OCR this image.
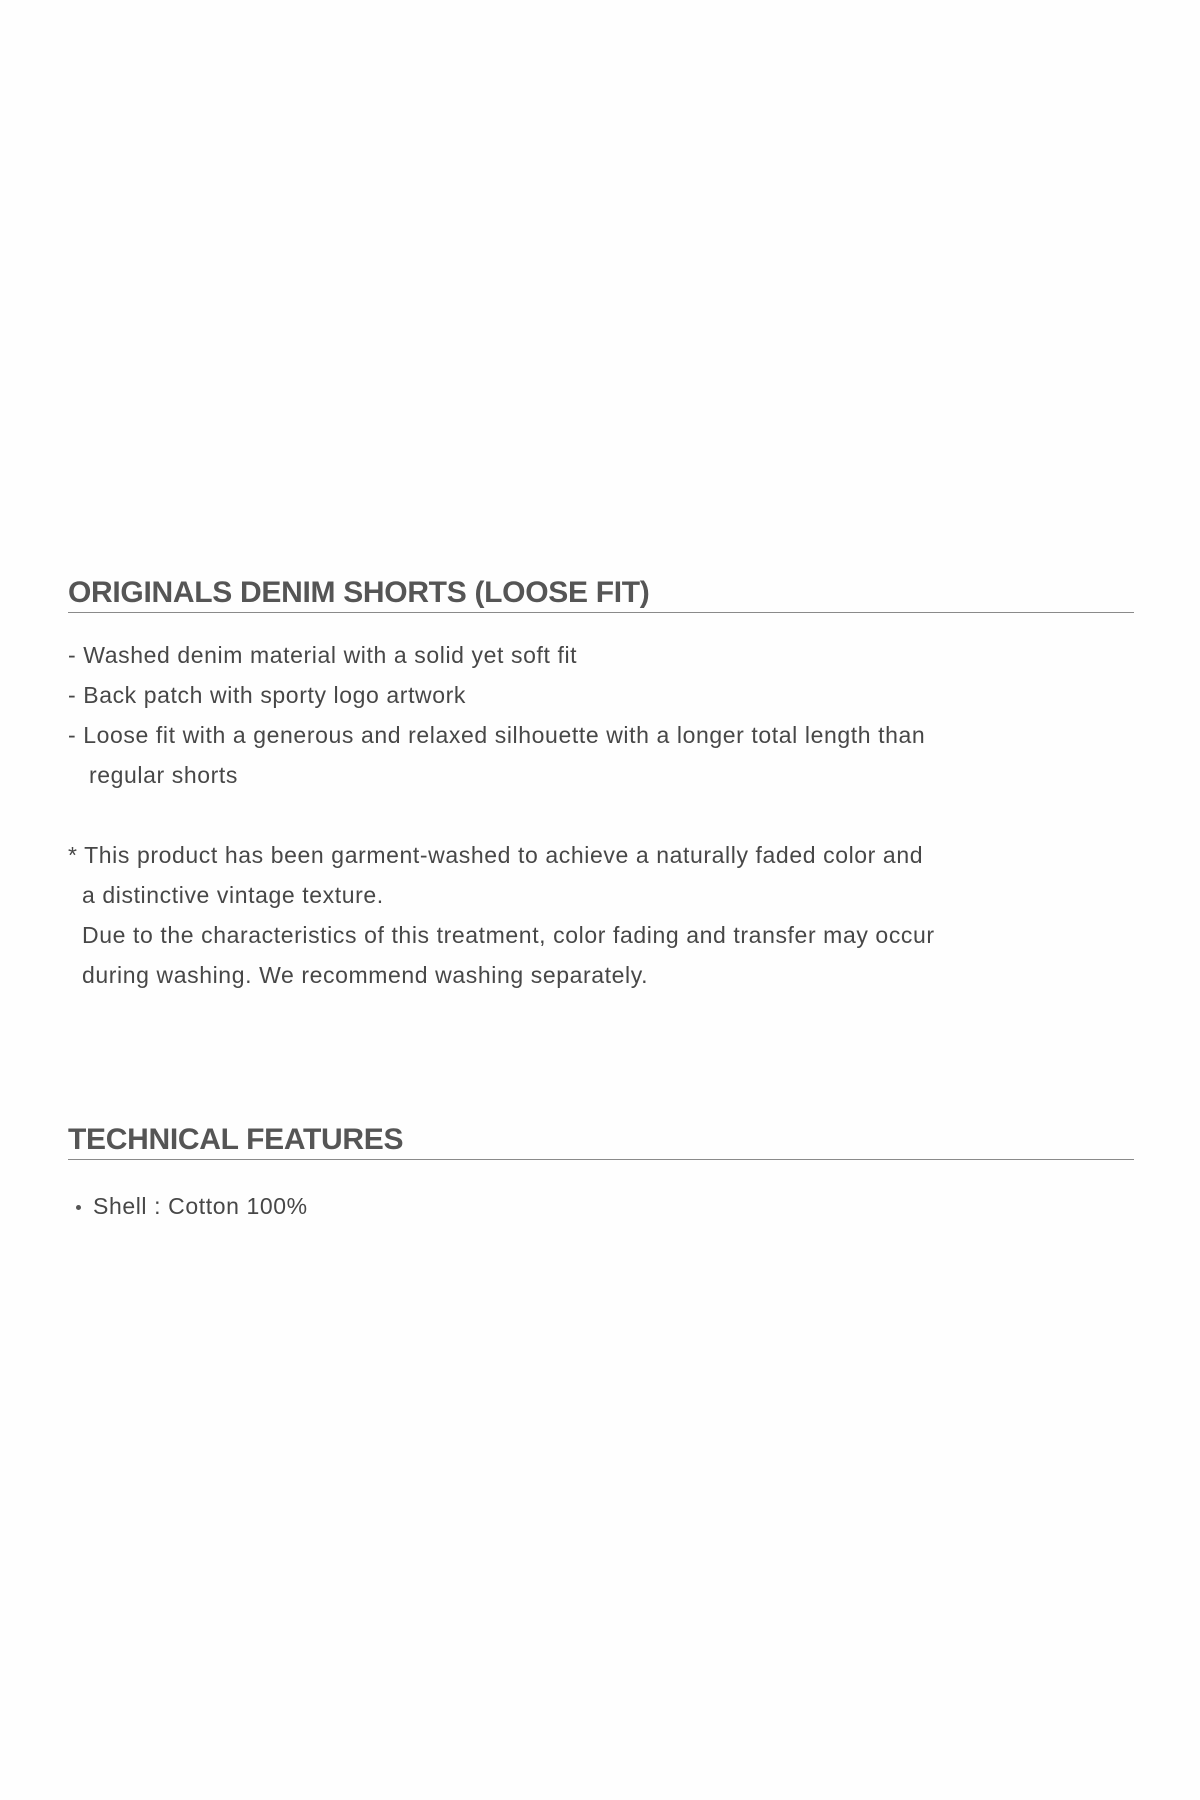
ORIGINALS DENIM SHORTS (LOOSE FIT)
- Washed denim material with a solid yet soft fit
- Back patch with sporty logo artwork
- Loose fit with a generous and relaxed silhouette with a longer total length than
regular shorts
* This product has been garment-washed to achieve a naturally faded color and
a distinctive vintage texture.
Due to the characteristics of this treatment, color fading and transfer may occur
during washing. We recommend washing separately.
TECHNICAL FEATURES
Shell : Cotton 100%
